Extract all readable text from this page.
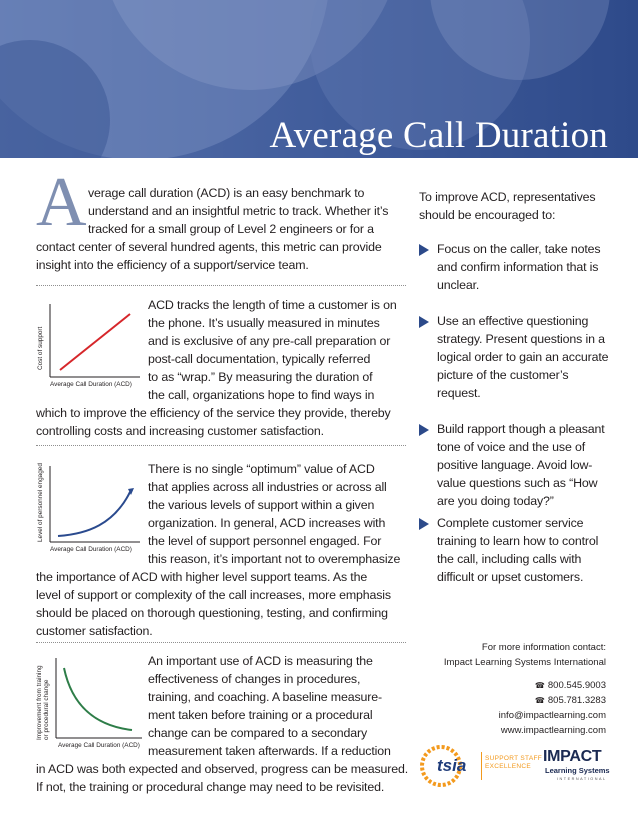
Average Call Duration
A verage call duration (ACD) is an easy benchmark to
understand and an insightful metric to track. Whether it’s
tracked for a small group of Level 2 engineers or for a
contact center of several hundred agents, this metric can provide
insight into the efficiency of a support/service team.
Cost of support
Average Call Duration (ACD)
ACD tracks the length of time a customer is on
the phone. It’s usually measured in minutes
and is exclusive of any pre-call preparation or
post-call documentation, typically referred
to as “wrap.” By measuring the duration of
the call, organizations hope to find ways in
which to improve the efficiency of the service they provide, thereby
controlling costs and increasing customer satisfaction.
Level of personnel engaged
Average Call Duration (ACD)
There is no single “optimum” value of ACD
that applies across all industries or across all
the various levels of support within a given
organization. In general, ACD increases with
the level of support personnel engaged. For
this reason, it’s important not to overemphasize
the importance of ACD with higher level support teams. As the
level of support or complexity of the call increases, more emphasis
should be placed on thorough questioning, testing, and confirming
customer satisfaction.
Improvement from training or procedural change
Average Call Duration (ACD)
An important use of ACD is measuring the
effectiveness of changes in procedures,
training, and coaching. A baseline measure-
ment taken before training or a procedural
change can be compared to a secondary
measurement taken afterwards. If a reduction
in ACD was both expected and observed, progress can be measured.
If not, the training or procedural change may need to be revisited.
To improve ACD, representatives
should be encouraged to:
Focus on the caller, take notes
and confirm information that is
unclear.
Use an effective questioning
strategy. Present questions in a
logical order to gain an accurate
picture of the customer’s
request.
Build rapport though a pleasant
tone of voice and the use of
positive language. Avoid low-
value questions such as “How
are you doing today?”
Complete customer service
training to learn how to control
the call, including calls with
difficult or upset customers.
For more information contact:
Impact Learning Systems International
☎ 800.545.9003
☎ 805.781.3283
info@impactlearning.com
www.impactlearning.com
tsia	SUPPORT STAFF
EXCELLENCE
IMPACT
Learning Systems
INTERNATIONAL
